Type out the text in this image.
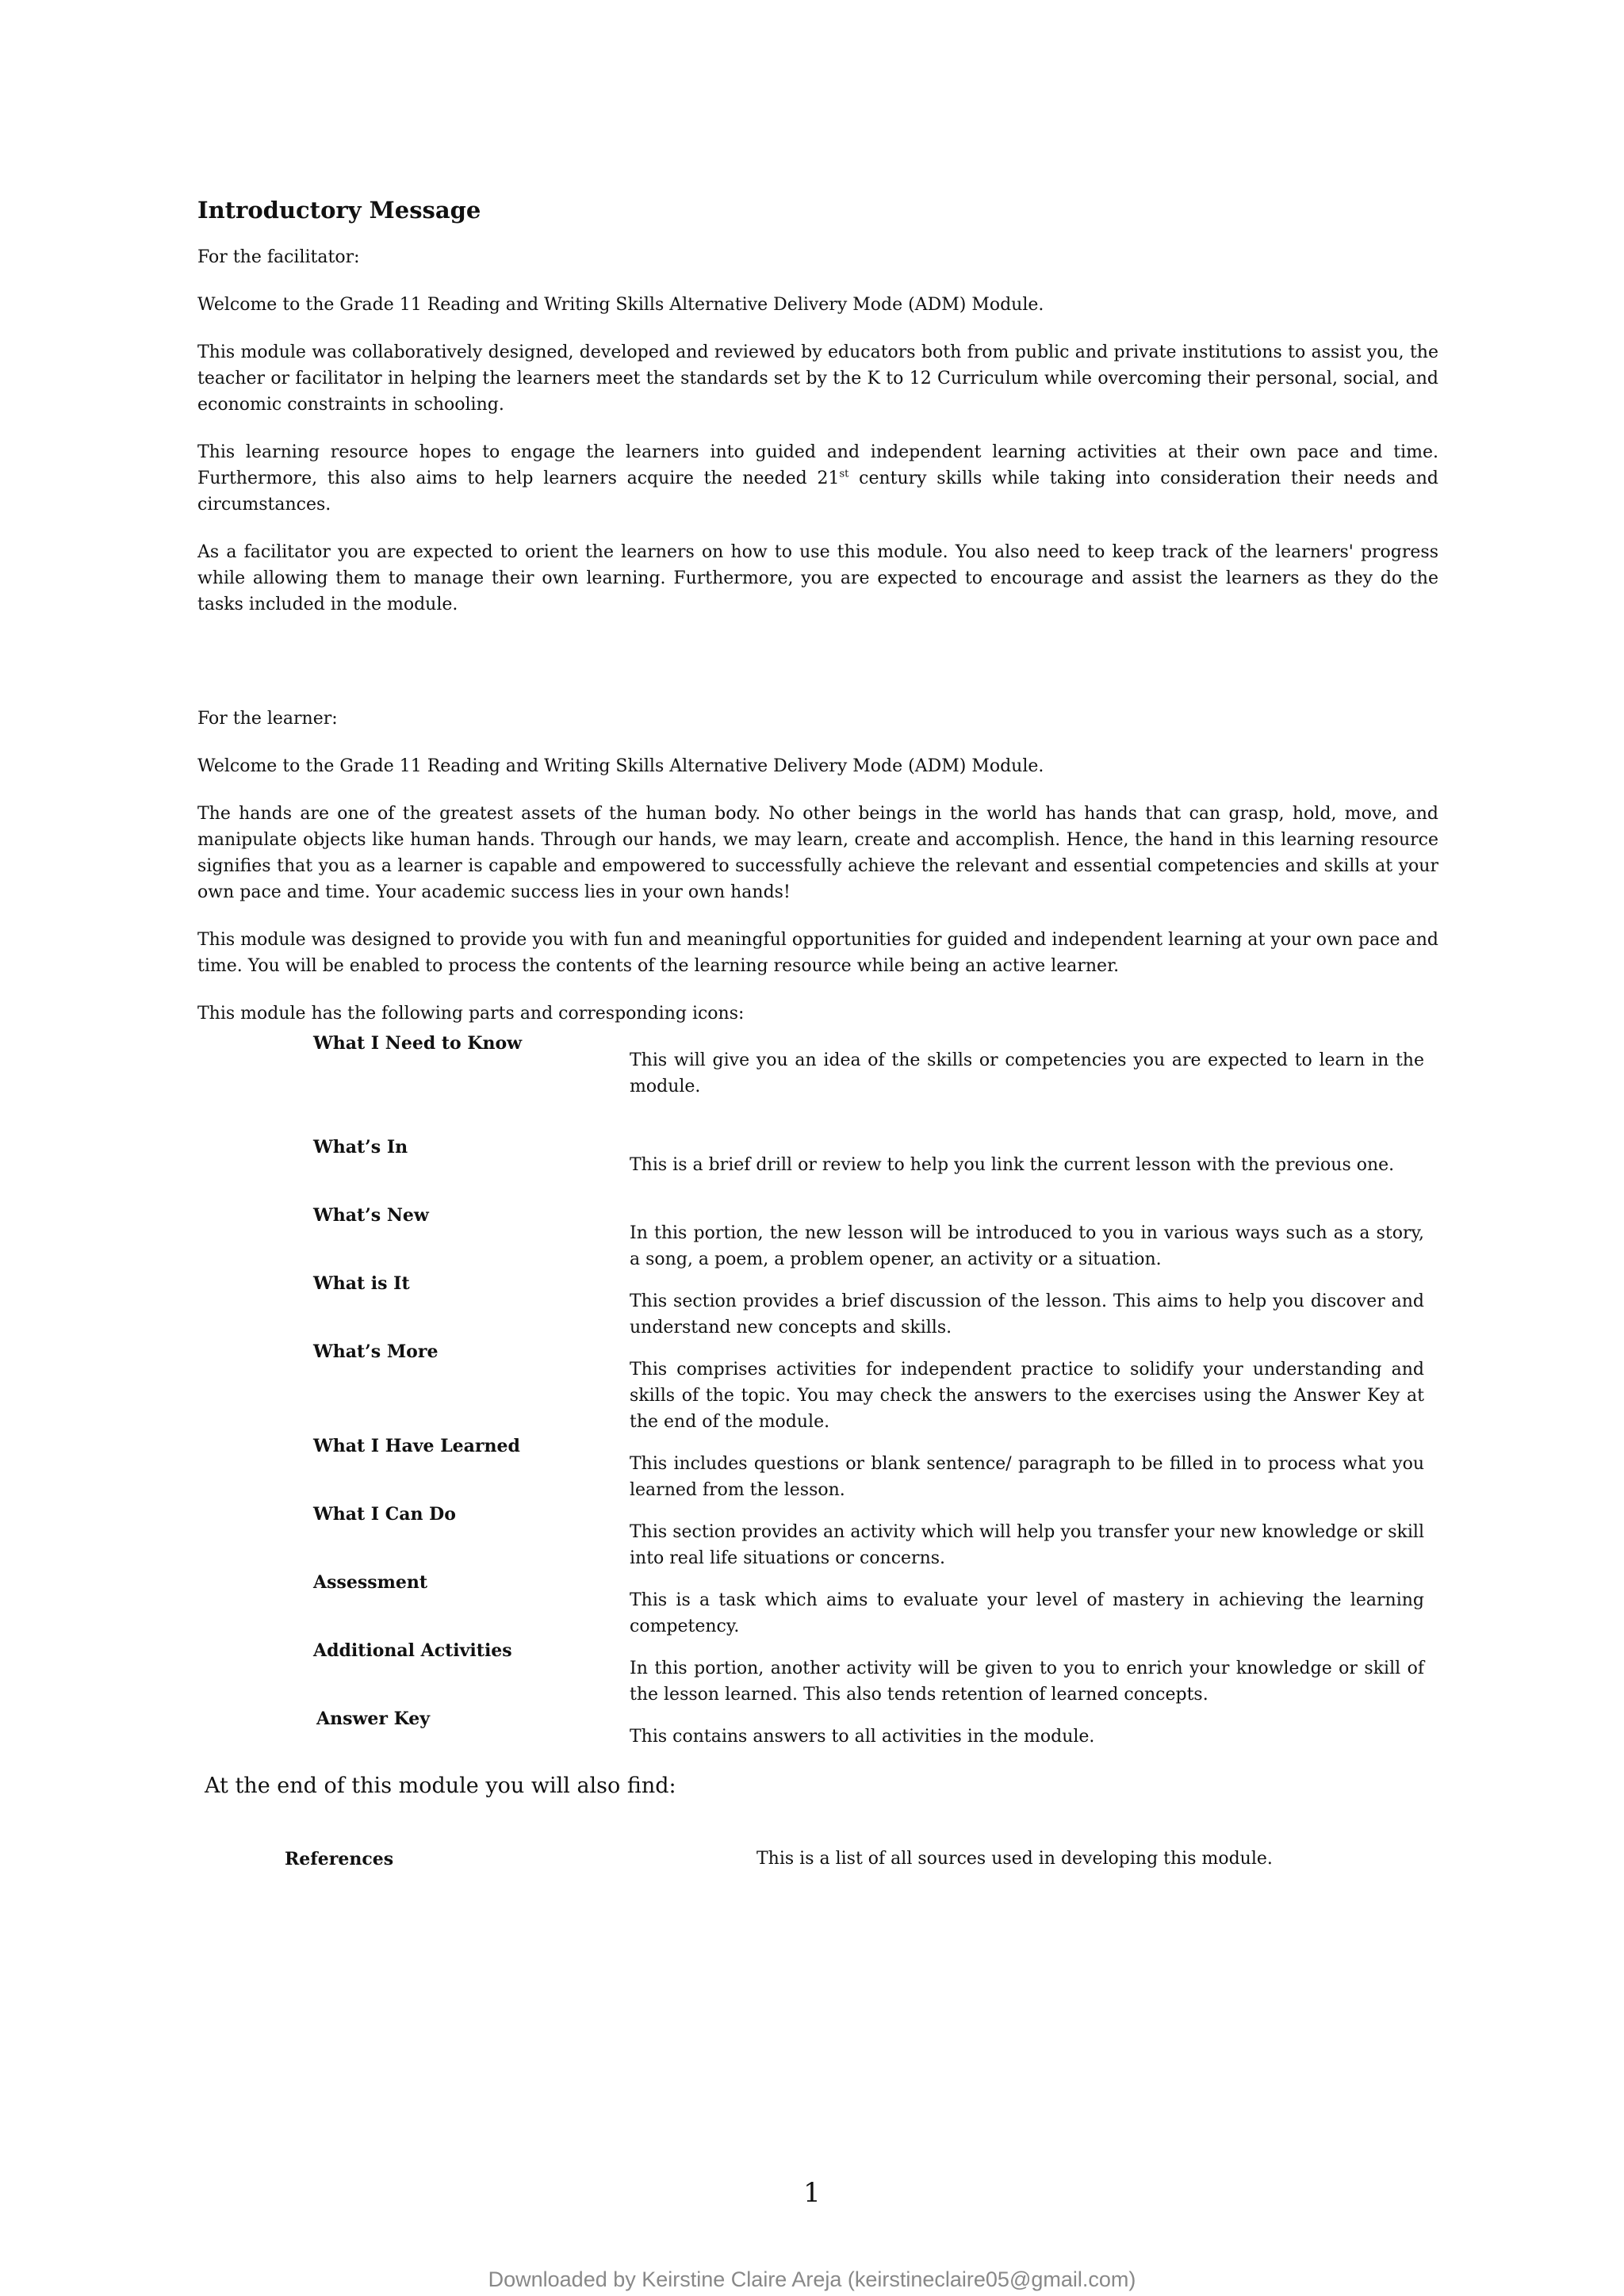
Introductory Message

For the facilitator:

Welcome to the Grade 11 Reading and Writing Skills Alternative Delivery Mode (ADM) Module.

This module was collaboratively designed, developed and reviewed by educators both from public and private institutions to assist you, the teacher or facilitator in helping the learners meet the standards set by the K to 12 Curriculum while overcoming their personal, social, and economic constraints in schooling.

This learning resource hopes to engage the learners into guided and independent learning activities at their own pace and time. Furthermore, this also aims to help learners acquire the needed 21st century skills while taking into consideration their needs and circumstances.

As a facilitator you are expected to orient the learners on how to use this module. You also need to keep track of the learners' progress while allowing them to manage their own learning. Furthermore, you are expected to encourage and assist the learners as they do the tasks included in the module.

For the learner:

Welcome to the Grade 11 Reading and Writing Skills Alternative Delivery Mode (ADM) Module.

The hands are one of the greatest assets of the human body. No other beings in the world has hands that can grasp, hold, move, and manipulate objects like human hands. Through our hands, we may learn, create and accomplish. Hence, the hand in this learning resource signifies that you as a learner is capable and empowered to successfully achieve the relevant and essential competencies and skills at your own pace and time. Your academic success lies in your own hands!

This module was designed to provide you with fun and meaningful opportunities for guided and independent learning at your own pace and time. You will be enabled to process the contents of the learning resource while being an active learner.

This module has the following parts and corresponding icons:

What I Need to Know
This will give you an idea of the skills or competencies you are expected to learn in the module.
What’s In
This is a brief drill or review to help you link the current lesson with the previous one.
What’s New
In this portion, the new lesson will be introduced to you in various ways such as a story, a song, a poem, a problem opener, an activity or a situation.
What is It
This section provides a brief discussion of the lesson. This aims to help you discover and understand new concepts and skills.
What’s More
This comprises activities for independent practice to solidify your understanding and skills of the topic. You may check the answers to the exercises using the Answer Key at the end of the module.
What I Have Learned
This includes questions or blank sentence/ paragraph to be filled in to process what you learned from the lesson.
What I Can Do
This section provides an activity which will help you transfer your new knowledge or skill into real life situations or concerns.
Assessment
This is a task which aims to evaluate your level of mastery in achieving the learning competency.
Additional Activities
In this portion, another activity will be given to you to enrich your knowledge or skill of the lesson learned. This also tends retention of learned concepts.
Answer Key
This contains answers to all activities in the module.
At the end of this module you will also find:
References	This is a list of all sources used in developing this module.
1
Downloaded by Keirstine Claire Areja (keirstineclaire05@gmail.com)
